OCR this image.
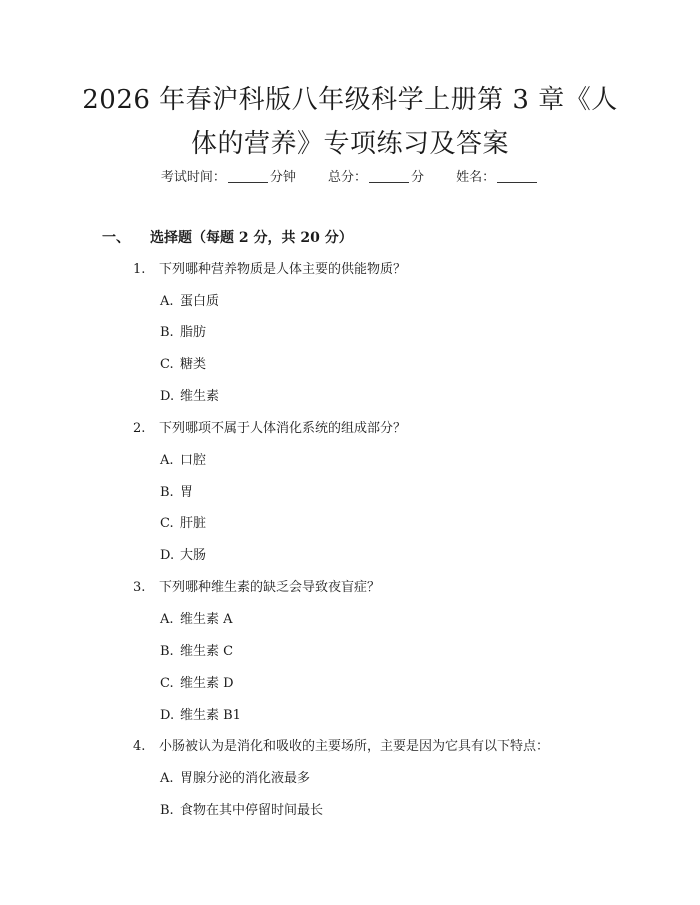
2026 年春沪科版八年级科学上册第 3 章《人
体的营养》专项练习及答案
考试时间：	分钟 总分：	分 姓名：
一、 选择题（每题 2 分，共 20 分）
1. 下列哪种营养物质是人体主要的供能物质？
A. 蛋白质
B. 脂肪
C. 糖类
D. 维生素
2. 下列哪项不属于人体消化系统的组成部分？
A. 口腔
B. 胃
C. 肝脏
D. 大肠
3. 下列哪种维生素的缺乏会导致夜盲症？
A. 维生素 A
B. 维生素 C
C. 维生素 D
D. 维生素 B1
4. 小肠被认为是消化和吸收的主要场所，主要是因为它具有以下特点：
A. 胃腺分泌的消化液最多
B. 食物在其中停留时间最长
